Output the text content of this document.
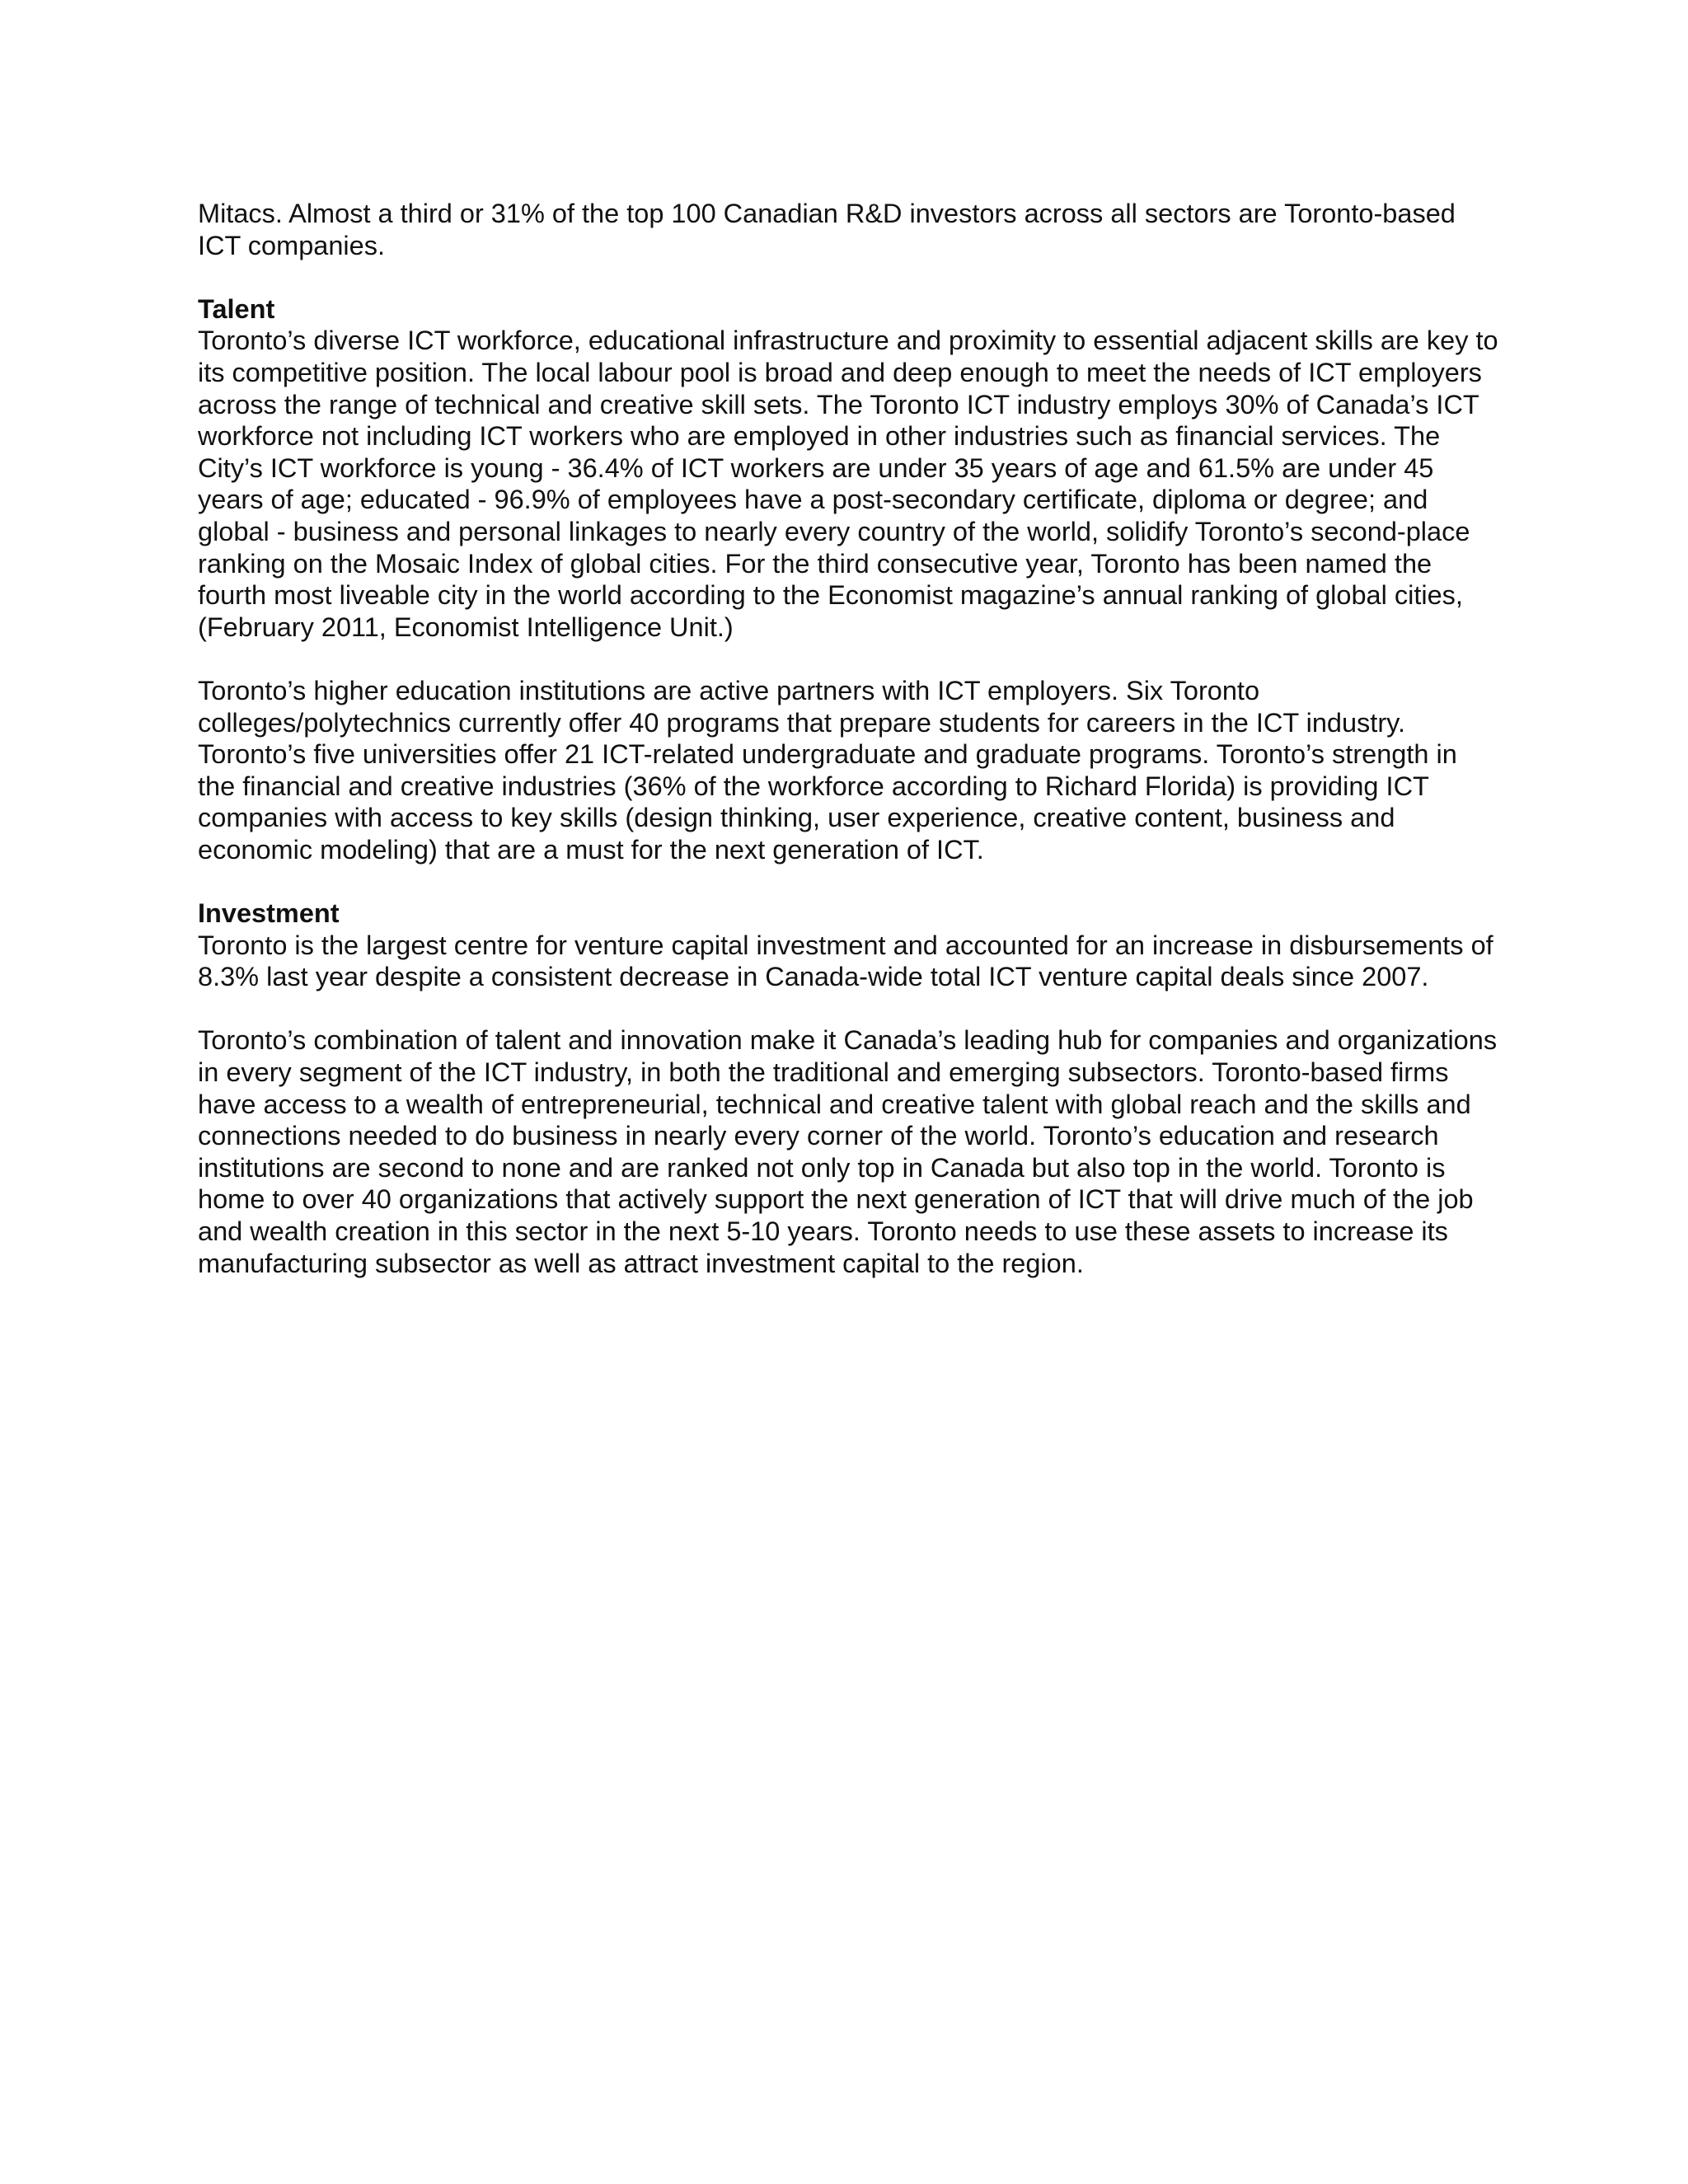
Mitacs. Almost a third or 31% of the top 100 Canadian R&D investors across all sectors are Toronto-based ICT companies.

Talent

Toronto’s diverse ICT workforce, educational infrastructure and proximity to essential adjacent skills are key to its competitive position. The local labour pool is broad and deep enough to meet the needs of ICT employers across the range of technical and creative skill sets. The Toronto ICT industry employs 30% of Canada’s ICT workforce not including ICT workers who are employed in other industries such as financial services. The City’s ICT workforce is young - 36.4% of ICT workers are under 35 years of age and 61.5% are under 45 years of age; educated - 96.9% of employees have a post-secondary certificate, diploma or degree; and global - business and personal linkages to nearly every country of the world, solidify Toronto’s second-place ranking on the Mosaic Index of global cities. For the third consecutive year, Toronto has been named the fourth most liveable city in the world according to the Economist magazine’s annual ranking of global cities, (February 2011, Economist Intelligence Unit.)

Toronto’s higher education institutions are active partners with ICT employers. Six Toronto colleges/polytechnics currently offer 40 programs that prepare students for careers in the ICT industry. Toronto’s five universities offer 21 ICT-related undergraduate and graduate programs. Toronto’s strength in the financial and creative industries (36% of the workforce according to Richard Florida) is providing ICT companies with access to key skills (design thinking, user experience, creative content, business and economic modeling) that are a must for the next generation of ICT.

Investment

Toronto is the largest centre for venture capital investment and accounted for an increase in disbursements of 8.3% last year despite a consistent decrease in Canada-wide total ICT venture capital deals since 2007.

Toronto’s combination of talent and innovation make it Canada’s leading hub for companies and organizations in every segment of the ICT industry, in both the traditional and emerging subsectors. Toronto-based firms have access to a wealth of entrepreneurial, technical and creative talent with global reach and the skills and connections needed to do business in nearly every corner of the world. Toronto’s education and research institutions are second to none and are ranked not only top in Canada but also top in the world. Toronto is home to over 40 organizations that actively support the next generation of ICT that will drive much of the job and wealth creation in this sector in the next 5-10 years. Toronto needs to use these assets to increase its manufacturing subsector as well as attract investment capital to the region.
